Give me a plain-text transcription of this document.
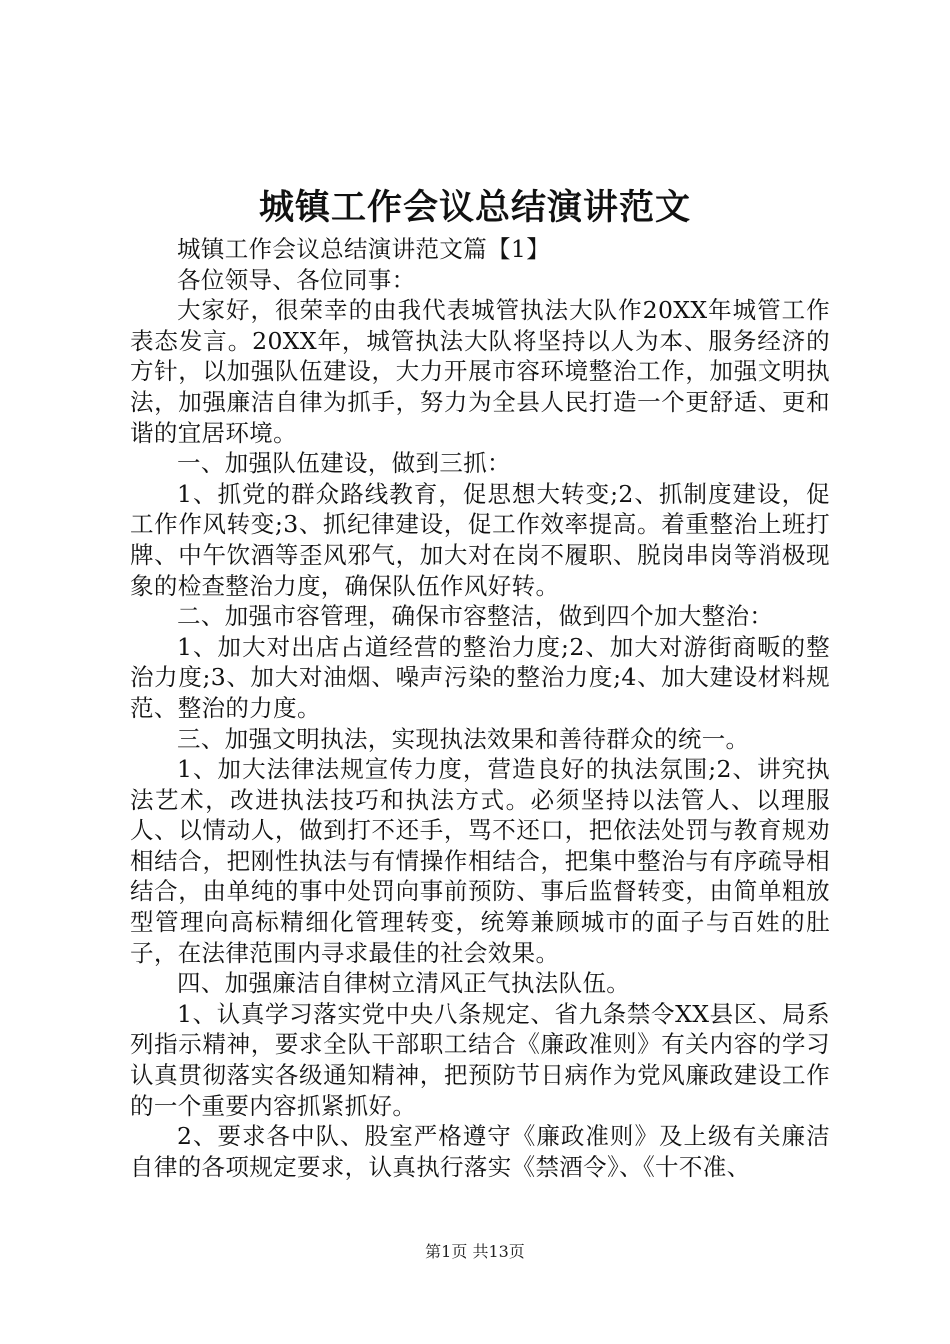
城镇工作会议总结演讲范文

城镇工作会议总结演讲范文篇【1】

各位领导、各位同事：

大家好，很荣幸的由我代表城管执法大队作20XX年城管工作表态发言。20XX年，城管执法大队将坚持以人为本、服务经济的方针，以加强队伍建设，大力开展市容环境整治工作，加强文明执法，加强廉洁自律为抓手，努力为全县人民打造一个更舒适、更和谐的宜居环境。

一、加强队伍建设，做到三抓：

1、抓党的群众路线教育，促思想大转变;2、抓制度建设，促工作作风转变;3、抓纪律建设，促工作效率提高。着重整治上班打牌、中午饮酒等歪风邪气，加大对在岗不履职、脱岗串岗等消极现象的检查整治力度，确保队伍作风好转。

二、加强市容管理，确保市容整洁，做到四个加大整治：

1、加大对出店占道经营的整治力度;2、加大对游街商畈的整治力度;3、加大对油烟、噪声污染的整治力度;4、加大建设材料规范、整治的力度。

三、加强文明执法，实现执法效果和善待群众的统一。

1、加大法律法规宣传力度，营造良好的执法氛围;2、讲究执法艺术，改进执法技巧和执法方式。必须坚持以法管人、以理服人、以情动人，做到打不还手，骂不还口，把依法处罚与教育规劝相结合，把刚性执法与有情操作相结合，把集中整治与有序疏导相结合，由单纯的事中处罚向事前预防、事后监督转变，由简单粗放型管理向高标精细化管理转变，统筹兼顾城市的面子与百姓的肚子，在法律范围内寻求最佳的社会效果。

四、加强廉洁自律树立清风正气执法队伍。

1、认真学习落实党中央八条规定、省九条禁令XX县区、局系列指示精神，要求全队干部职工结合《廉政准则》有关内容的学习认真贯彻落实各级通知精神，把预防节日病作为党风廉政建设工作的一个重要内容抓紧抓好。

2、要求各中队、股室严格遵守《廉政准则》及上级有关廉洁自律的各项规定要求，认真执行落实《禁酒令》、《十不准、

第1页 共13页
